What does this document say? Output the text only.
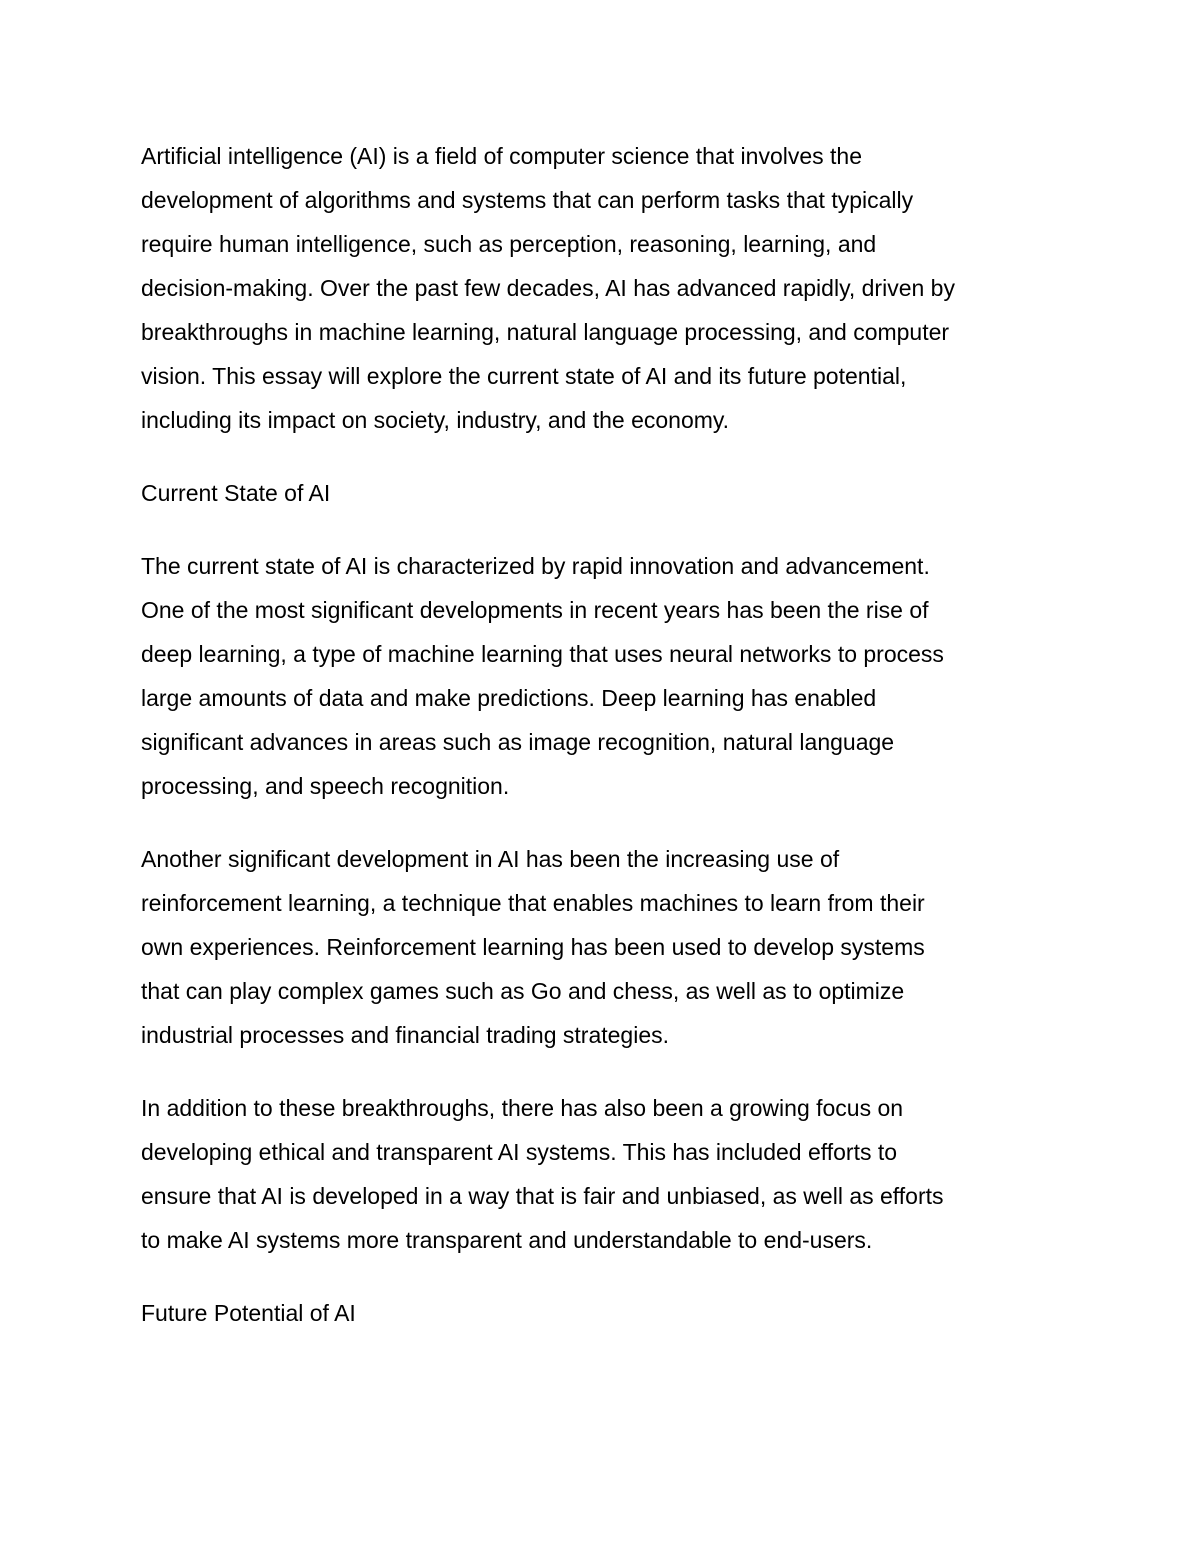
Artificial intelligence (AI) is a field of computer science that involves the
development of algorithms and systems that can perform tasks that typically
require human intelligence, such as perception, reasoning, learning, and
decision-making. Over the past few decades, AI has advanced rapidly, driven by
breakthroughs in machine learning, natural language processing, and computer
vision. This essay will explore the current state of AI and its future potential,
including its impact on society, industry, and the economy.

Current State of AI

The current state of AI is characterized by rapid innovation and advancement.
One of the most significant developments in recent years has been the rise of
deep learning, a type of machine learning that uses neural networks to process
large amounts of data and make predictions. Deep learning has enabled
significant advances in areas such as image recognition, natural language
processing, and speech recognition.

Another significant development in AI has been the increasing use of
reinforcement learning, a technique that enables machines to learn from their
own experiences. Reinforcement learning has been used to develop systems
that can play complex games such as Go and chess, as well as to optimize
industrial processes and financial trading strategies.

In addition to these breakthroughs, there has also been a growing focus on
developing ethical and transparent AI systems. This has included efforts to
ensure that AI is developed in a way that is fair and unbiased, as well as efforts
to make AI systems more transparent and understandable to end-users.

Future Potential of AI
